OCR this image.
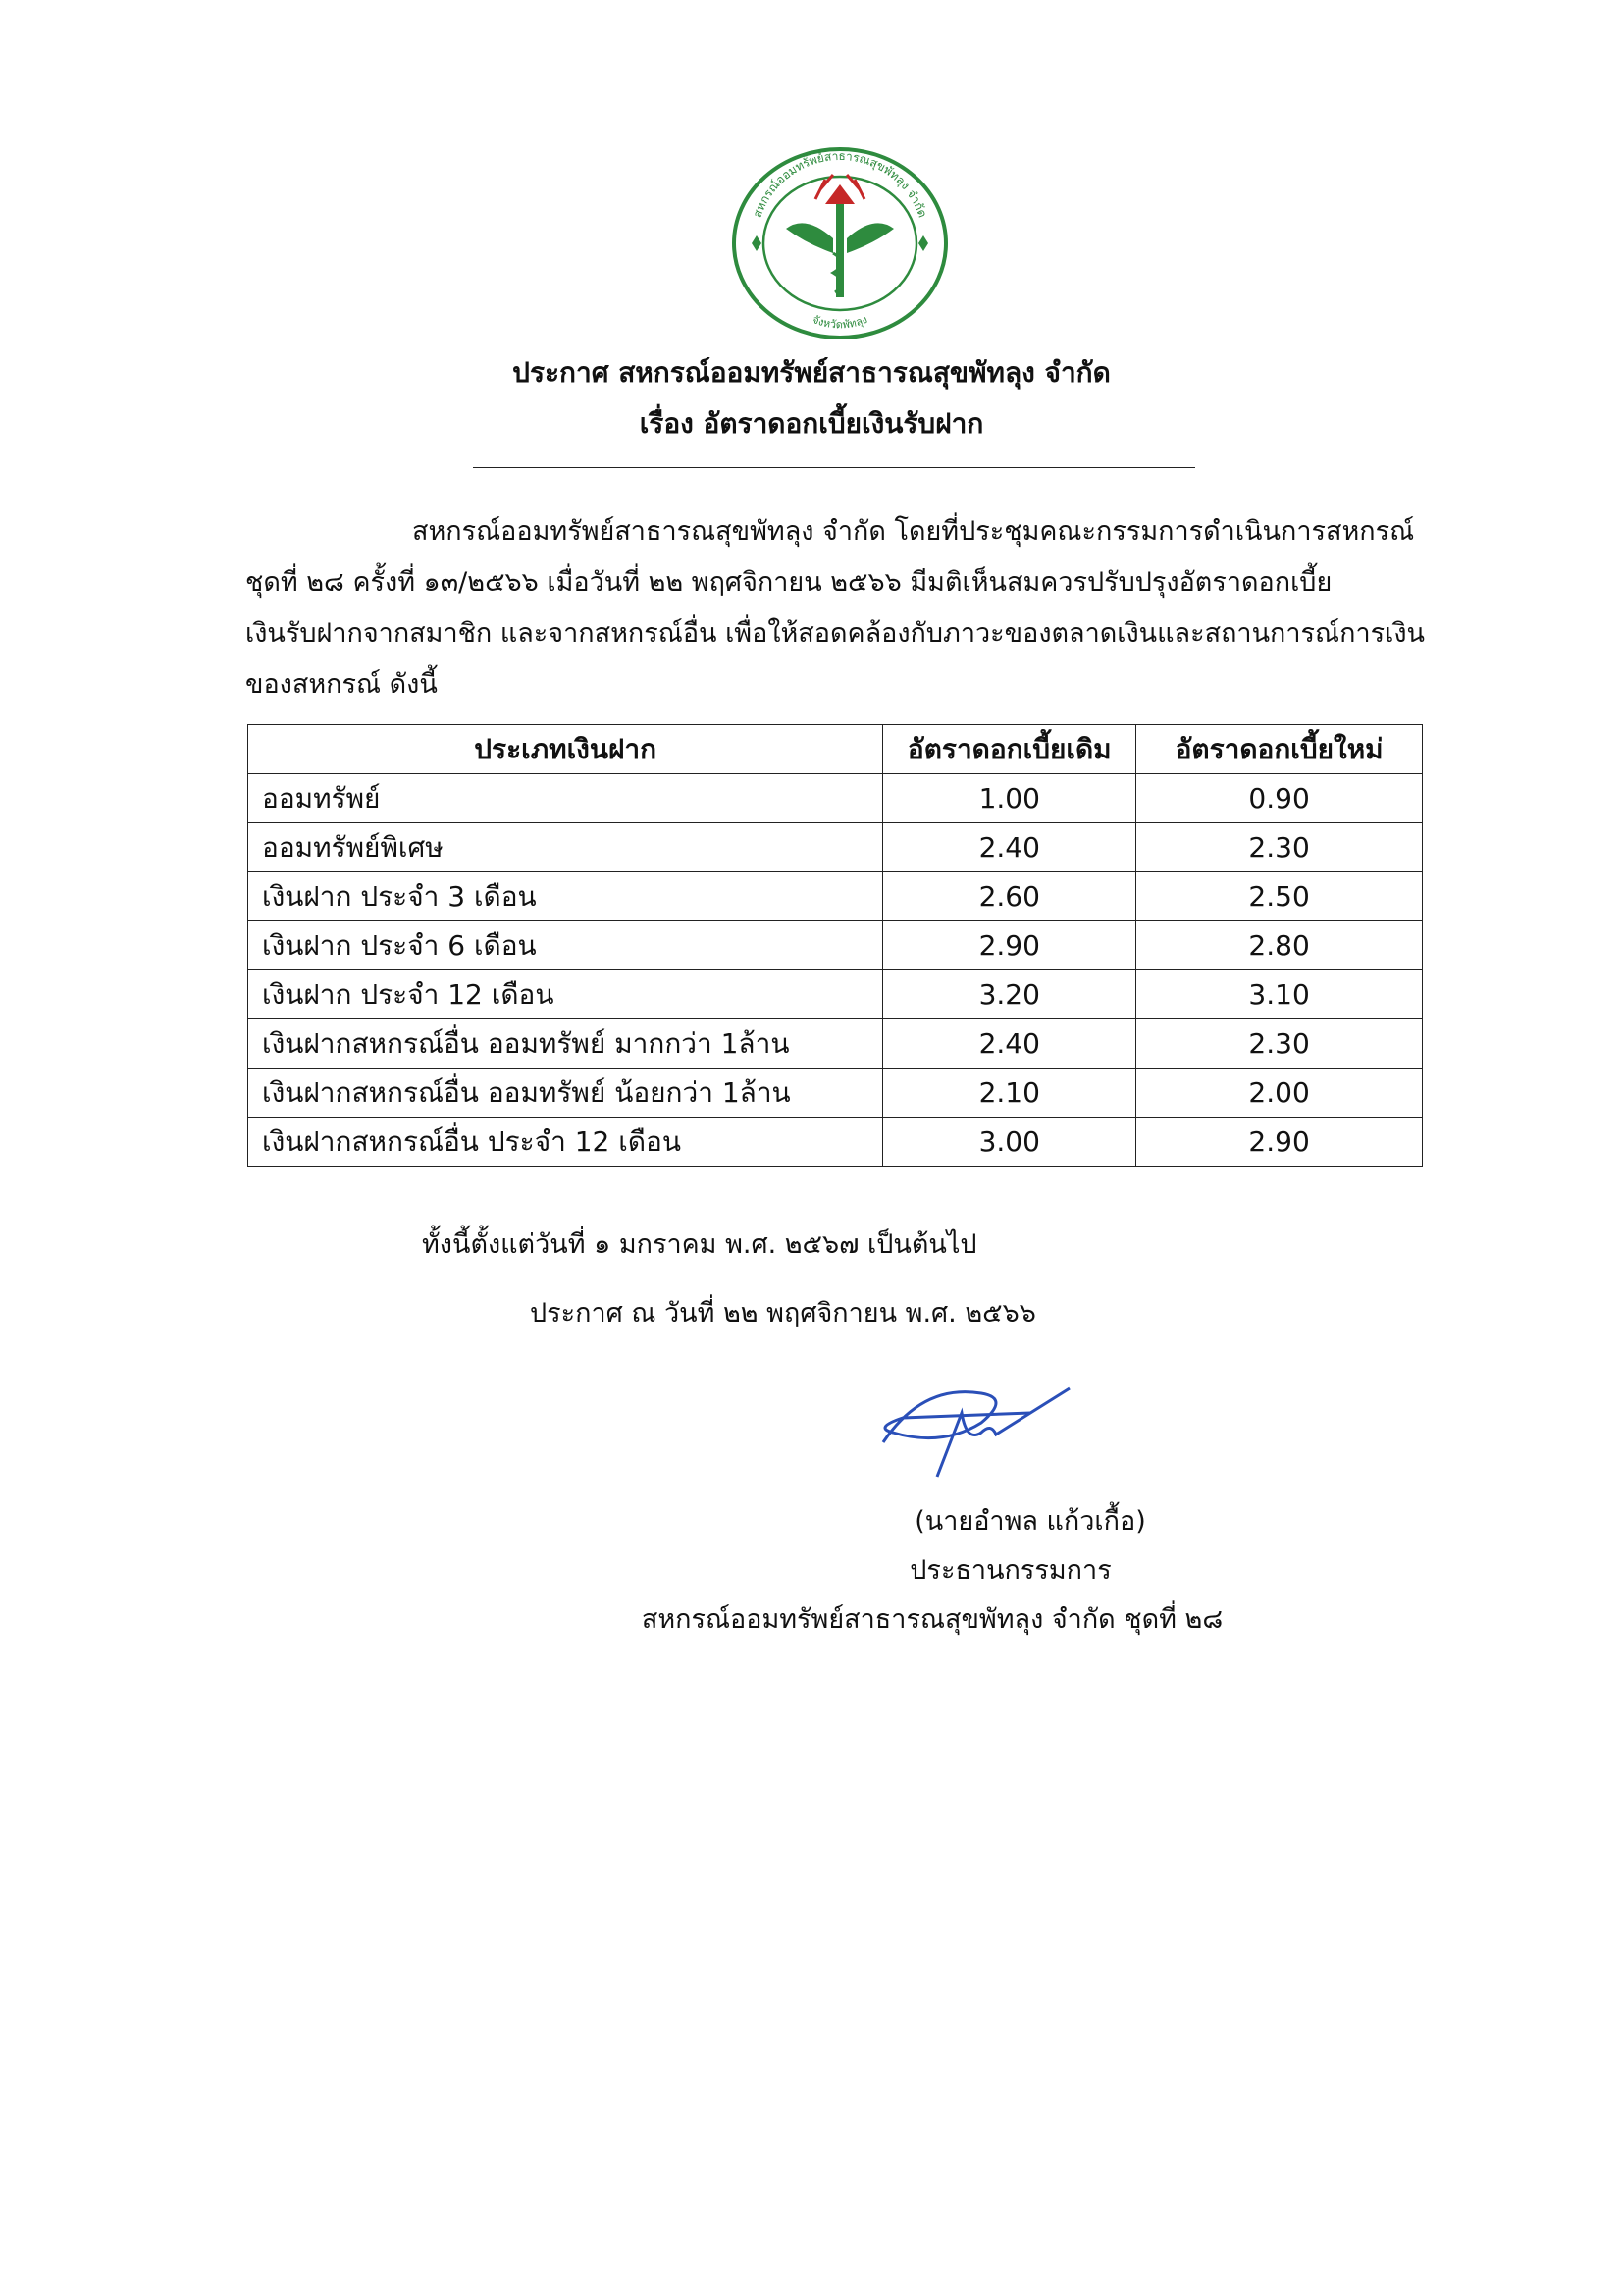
สหกรณ์ออมทรัพย์สาธารณสุขพัทลุง จำกัด
จังหวัดพัทลุง
ประกาศ สหกรณ์ออมทรัพย์สาธารณสุขพัทลุง จำกัด
เรื่อง อัตราดอกเบี้ยเงินรับฝาก
สหกรณ์ออมทรัพย์สาธารณสุขพัทลุง จำกัด โดยที่ประชุมคณะกรรมการดำเนินการสหกรณ์
ชุดที่ ๒๘ ครั้งที่ ๑๓/๒๕๖๖ เมื่อวันที่ ๒๒ พฤศจิกายน ๒๕๖๖ มีมติเห็นสมควรปรับปรุงอัตราดอกเบี้ย
เงินรับฝากจากสมาชิก และจากสหกรณ์อื่น เพื่อให้สอดคล้องกับภาวะของตลาดเงินและสถานการณ์การเงิน
ของสหกรณ์ ดังนี้
ประเภทเงินฝาก	อัตราดอกเบี้ยเดิม	อัตราดอกเบี้ยใหม่
ออมทรัพย์	1.00	0.90
ออมทรัพย์พิเศษ	2.40	2.30
เงินฝาก ประจำ 3 เดือน	2.60	2.50
เงินฝาก ประจำ 6 เดือน	2.90	2.80
เงินฝาก ประจำ 12 เดือน	3.20	3.10
เงินฝากสหกรณ์อื่น ออมทรัพย์ มากกว่า 1ล้าน	2.40	2.30
เงินฝากสหกรณ์อื่น ออมทรัพย์ น้อยกว่า 1ล้าน	2.10	2.00
เงินฝากสหกรณ์อื่น ประจำ 12 เดือน	3.00	2.90
ทั้งนี้ตั้งแต่วันที่ ๑ มกราคม พ.ศ. ๒๕๖๗ เป็นต้นไป
ประกาศ ณ วันที่ ๒๒ พฤศจิกายน พ.ศ. ๒๕๖๖
(นายอำพล แก้วเกื้อ)
ประธานกรรมการ
สหกรณ์ออมทรัพย์สาธารณสุขพัทลุง จำกัด ชุดที่ ๒๘
